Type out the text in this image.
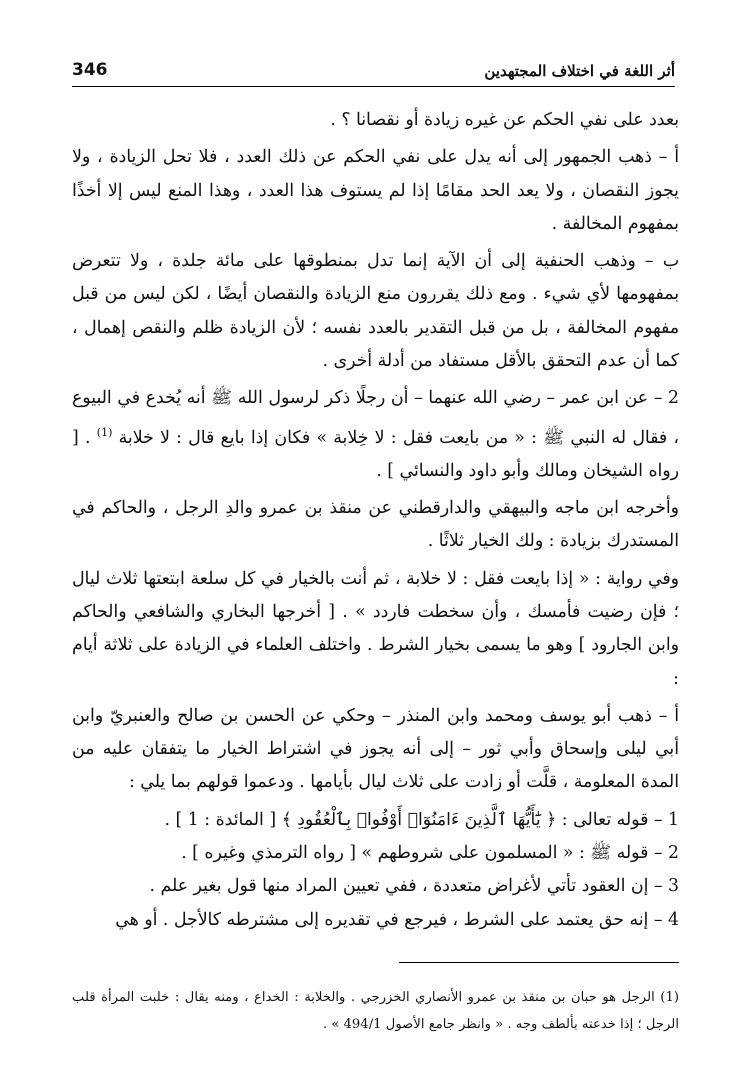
346	أثر اللغة في اختلاف المجتهدين

بعدد على نفي الحكم عن غيره زيادة أو نقصانا ؟ .

أ – ذهب الجمهور إلى أنه يدل على نفي الحكم عن ذلك العدد ، فلا تحل الزيادة ، ولا يجوز النقصان ، ولا يعد الحد مقامًا إذا لم يستوف هذا العدد ، وهذا المنع ليس إلا أخذًا بمفهوم المخالفة .

ب – وذهب الحنفية إلى أن الآية إنما تدل بمنطوقها على مائة جلدة ، ولا تتعرض بمفهومها لأي شيء . ومع ذلك يقررون منع الزيادة والنقصان أيضًا ، لكن ليس من قبل مفهوم المخالفة ، بل من قبل التقدير بالعدد نفسه ؛ لأن الزيادة ظلم والنقص إهمال ، كما أن عدم التحقق بالأقل مستفاد من أدلة أخرى .

2 – عن ابن عمر – رضي الله عنهما – أن رجلًا ذكر لرسول الله ﷺ أنه يُخدع في البيوع ، فقال له النبي ﷺ : « من بايعت فقل : لا خِلابة » فكان إذا بايع قال : لا خلابة $^{(1)}$ . [ رواه الشيخان ومالك وأبو داود والنسائي ] .

وأخرجه ابن ماجه والبيهقي والدارقطني عن منقذ بن عمرو والدِ الرجل ، والحاكم في المستدرك بزيادة : ولك الخيار ثلاثًا .

وفي رواية : « إذا بايعت فقل : لا خلابة ، ثم أنت بالخيار في كل سلعة ابتعتها ثلاث ليال ؛ فإن رضيت فأمسك ، وأن سخطت فاردد » . [ أخرجها البخاري والشافعي والحاكم وابن الجارود ] وهو ما يسمى بخيار الشرط . واختلف العلماء في الزيادة على ثلاثة أيام :

أ – ذهب أبو يوسف ومحمد وابن المنذر – وحكي عن الحسن بن صالح والعنبريّ وابن أبي ليلى وإسحاق وأبي ثور – إلى أنه يجوز في اشتراط الخيار ما يتفقان عليه من المدة المعلومة ، قلَّت أو زادت على ثلاث ليال بأيامها . ودعموا قولهم بما يلي :

1 – قوله تعالى : ﴿ يَٰٓأَيُّهَا ٱلَّذِينَ ءَامَنُوٓا۟ أَوْفُوا۟ بِٱلْعُقُودِ ﴾ [ المائدة : 1 ] .

2 – قوله ﷺ : « المسلمون على شروطهم » [ رواه الترمذي وغيره ] .

3 – إن العقود تأتي لأغراض متعددة ، ففي تعيين المراد منها قول بغير علم .

4 – إنه حق يعتمد على الشرط ، فيرجع في تقديره إلى مشترطه كالأجل . أو هي

(1) الرجل هو حبان بن منقذ بن عمرو الأنصاري الخزرجي . والخلابة : الخداع ، ومنه يقال : خلبت المرأة قلب الرجل ؛ إذا خدعته بألطف وجه . « وانظر جامع الأصول 494/1 » .
